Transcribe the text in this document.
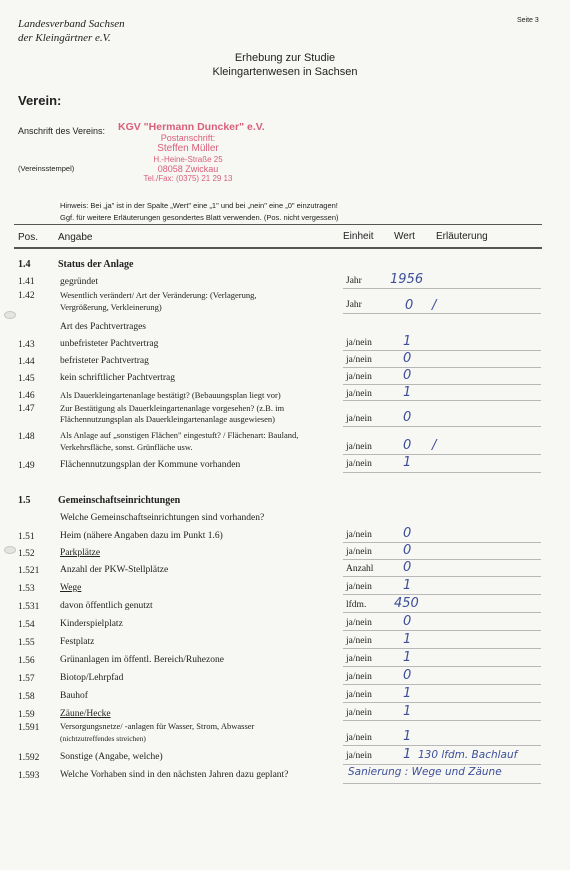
Landesverband Sachsen
der Kleingärtner e.V.
Seite 3
Erhebung zur Studie
Kleingartenwesen in Sachsen
Verein:
Anschrift des Vereins:
(Vereinsstempel)
KGV "Hermann Duncker" e.V.
Postanschrift:
Steffen Müller
H.-Heine-Straße 25
08058 Zwickau
Tel./Fax: (0375) 21 29 13
Hinweis: Bei „ja" ist in der Spalte „Wert" eine „1" und bei „nein" eine „0" einzutragen!
Ggf. für weitere Erläuterungen gesondertes Blatt verwenden. (Pos. nicht vergessen)
Pos. Angabe	Einheit Wert Erläuterung
1.4	Status der Anlage
1.41	gegründet	Jahr 1956
1.42	Wesentlich verändert/ Art der Veränderung: (Verlagerung,
Vergrößerung, Verkleinerung)	Jahr	0 /
Art des Pachtvertrages
1.43	unbefristeter Pachtvertrag	ja/nein 1
1.44	befristeter Pachtvertrag	ja/nein 0
1.45	kein schriftlicher Pachtvertrag	ja/nein 0
1.46	Als Dauerkleingartenanlage bestätigt? (Bebauungsplan liegt vor)	ja/nein 1
1.47	Zur Bestätigung als Dauerkleingartenanlage vorgesehen? (z.B. im
Flächennutzungsplan als Dauerkleingartenanlage ausgewiesen)	ja/nein 0
1.48	Als Anlage auf „sonstigen Flächen" eingestuft? / Flächenart: Bauland,
Verkehrsfläche, sonst. Grünfläche usw.	ja/nein 0 /
1.49	Flächennutzungsplan der Kommune vorhanden	ja/nein 1
1.5	Gemeinschaftseinrichtungen
Welche Gemeinschaftseinrichtungen sind vorhanden?
1.51	Heim (nähere Angaben dazu im Punkt 1.6)	ja/nein 0
1.52	Parkplätze	ja/nein 0
1.521 Anzahl der PKW-Stellplätze	Anzahl 0
1.53	Wege	ja/nein 1
1.531 davon öffentlich genutzt	lfdm. 450
1.54	Kinderspielplatz	ja/nein 0
1.55	Festplatz	ja/nein 1
1.56	Grünanlagen im öffentl. Bereich/Ruhezone	ja/nein 1
1.57	Biotop/Lehrpfad	ja/nein 0
1.58	Bauhof	ja/nein 1
1.59	Zäune/Hecke	ja/nein 1
1.591 Versorgungsnetze/ -anlagen für Wasser, Strom, Abwasser
(nichtzutreffendes streichen)	ja/nein 1
1.592 Sonstige (Angabe, welche)	ja/nein 1 130 lfdm. Bachlauf
1.593 Welche Vorhaben sind in den nächsten Jahren dazu geplant?	Sanierung : Wege und Zäune
